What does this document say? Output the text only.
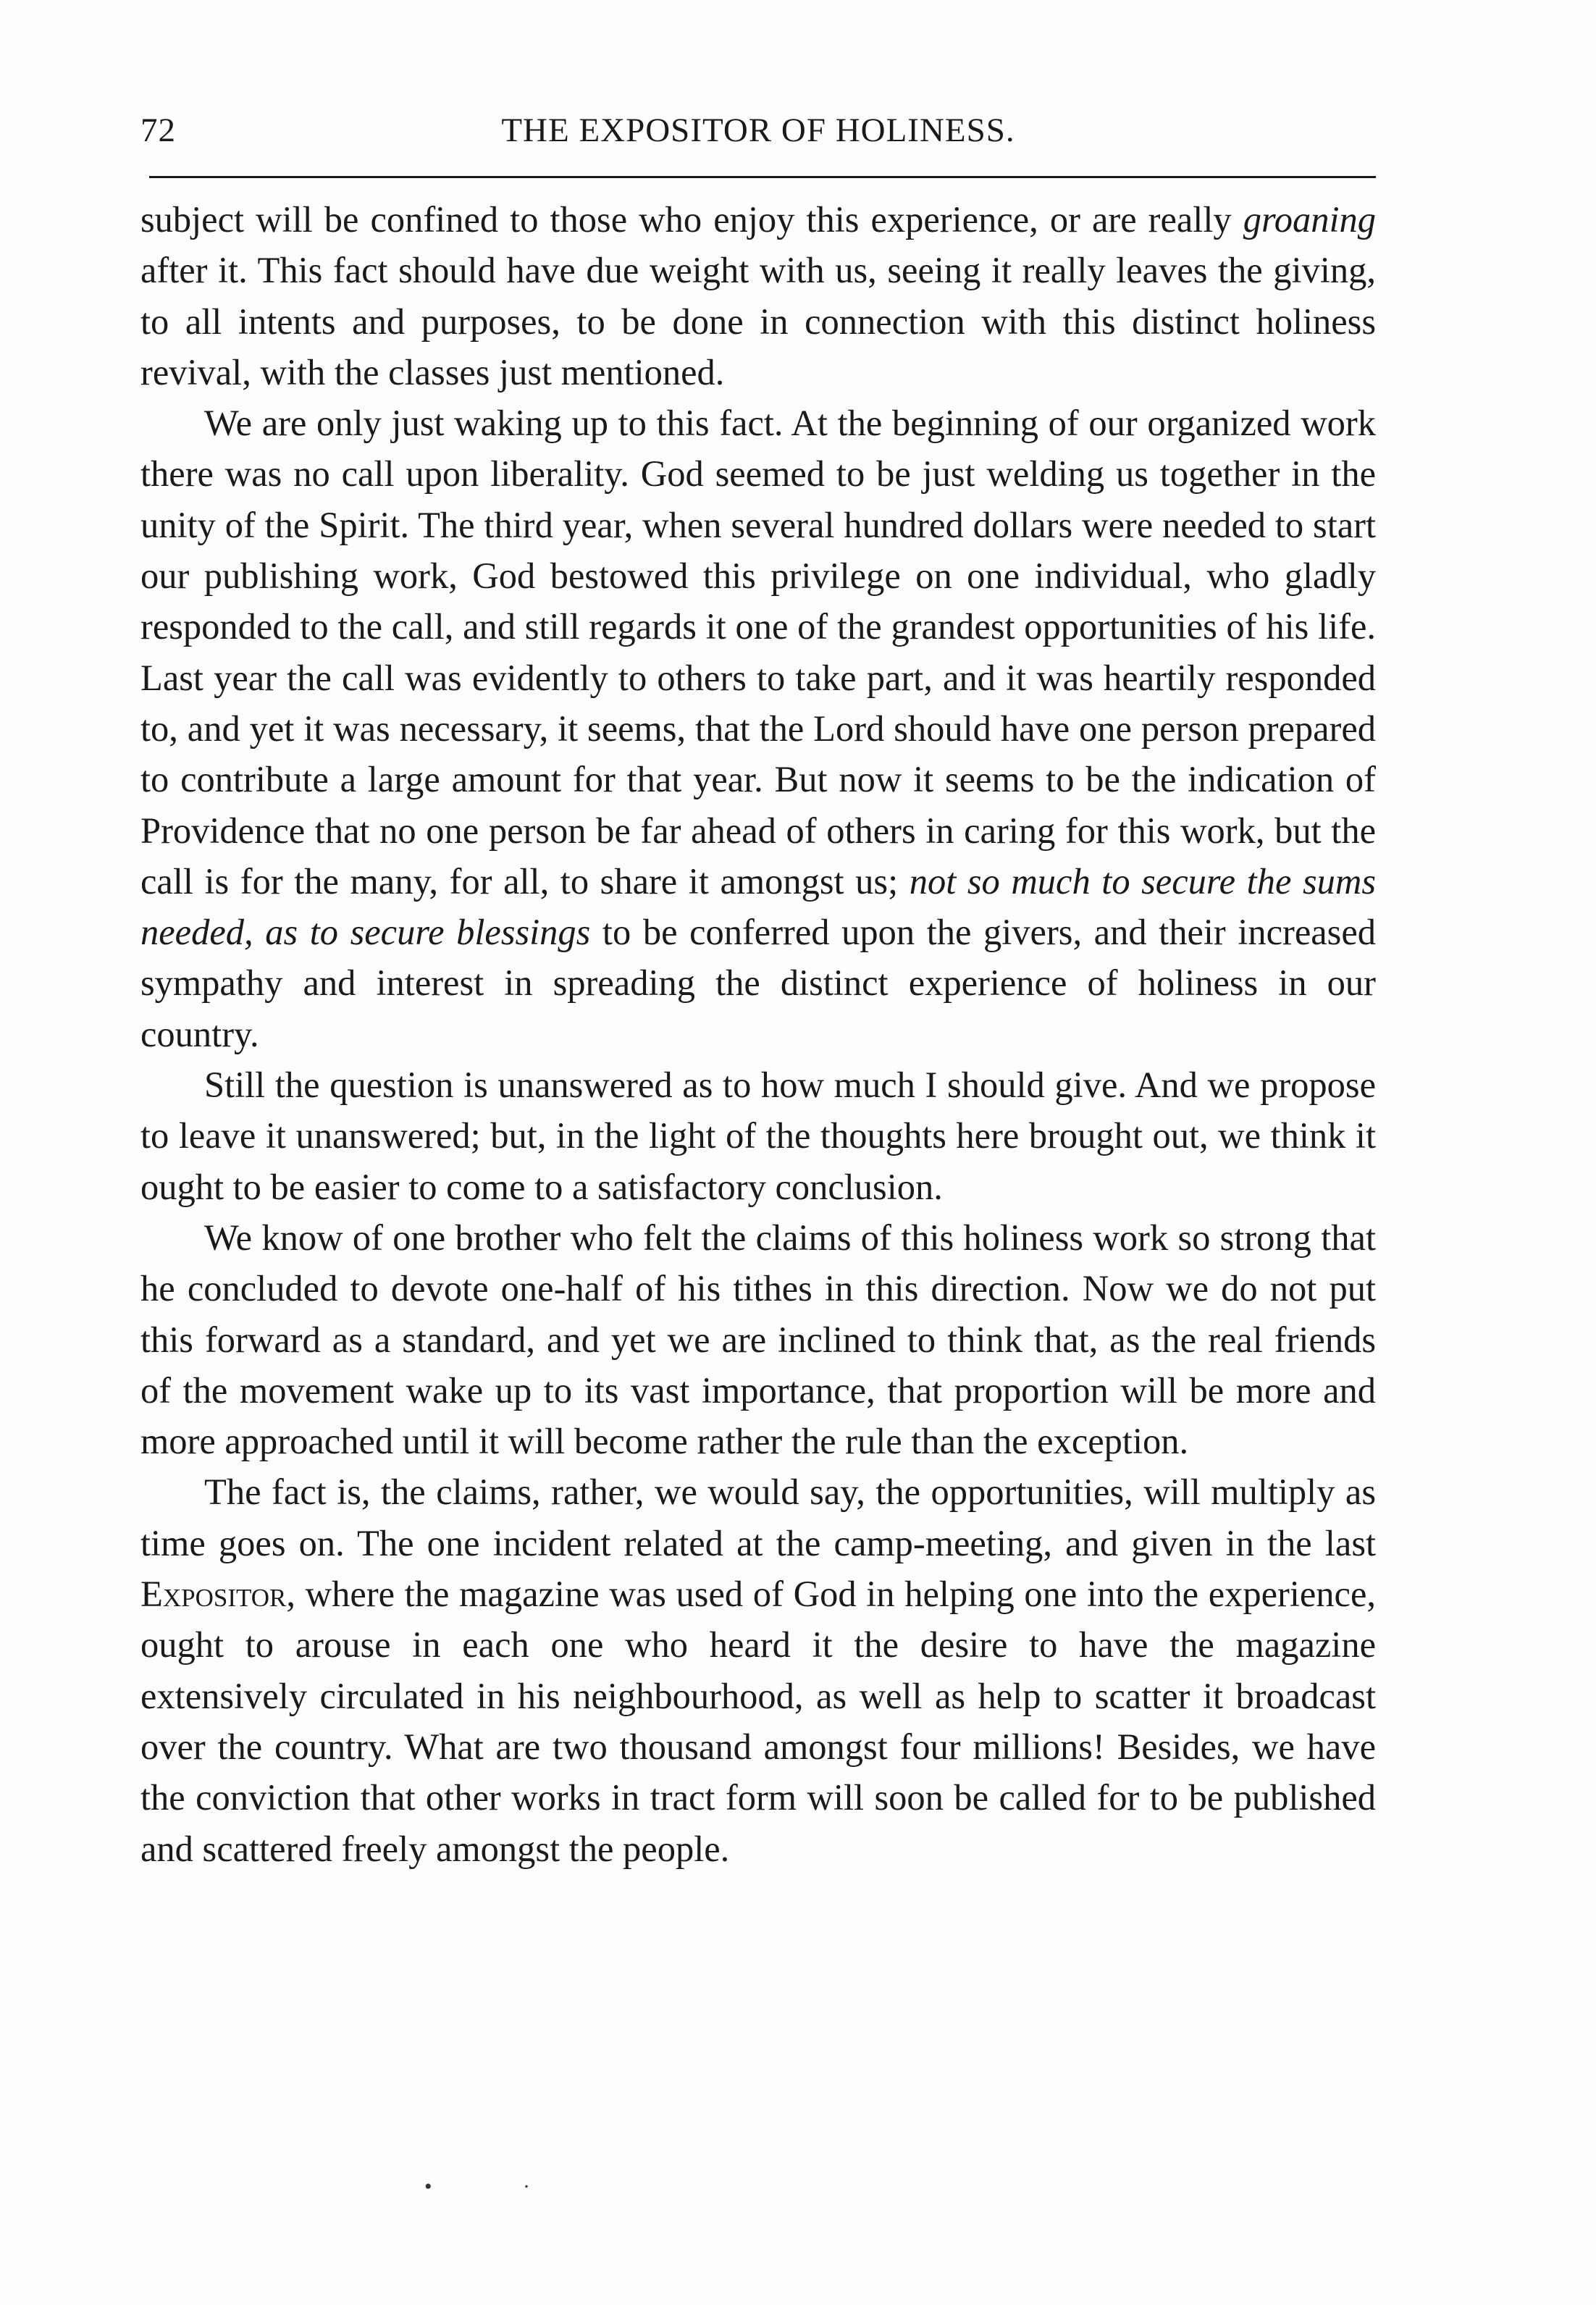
72	THE EXPOSITOR OF HOLINESS.

subject will be confined to those who enjoy this experience, or are really groaning after it. This fact should have due weight with us, seeing it really leaves the giving, to all intents and purposes, to be done in connection with this distinct holiness revival, with the classes just mentioned.

We are only just waking up to this fact. At the beginning of our organized work there was no call upon liberality. God seemed to be just welding us together in the unity of the Spirit. The third year, when several hundred dollars were needed to start our publishing work, God bestowed this privilege on one individual, who gladly responded to the call, and still regards it one of the grandest opportunities of his life. Last year the call was evidently to others to take part, and it was heartily responded to, and yet it was necessary, it seems, that the Lord should have one person prepared to contribute a large amount for that year. But now it seems to be the indication of Providence that no one person be far ahead of others in caring for this work, but the call is for the many, for all, to share it amongst us; not so much to secure the sums needed, as to secure blessings to be conferred upon the givers, and their increased sympathy and interest in spreading the distinct experience of holiness in our country.

Still the question is unanswered as to how much I should give. And we propose to leave it unanswered; but, in the light of the thoughts here brought out, we think it ought to be easier to come to a satisfactory conclusion.

We know of one brother who felt the claims of this holiness work so strong that he concluded to devote one-half of his tithes in this direction. Now we do not put this forward as a standard, and yet we are inclined to think that, as the real friends of the movement wake up to its vast importance, that proportion will be more and more approached until it will become rather the rule than the exception.

The fact is, the claims, rather, we would say, the opportunities, will multiply as time goes on. The one incident related at the camp-meeting, and given in the last Expositor, where the magazine was used of God in helping one into the experience, ought to arouse in each one who heard it the desire to have the magazine extensively circulated in his neighbourhood, as well as help to scatter it broadcast over the country. What are two thousand amongst four millions! Besides, we have the conviction that other works in tract form will soon be called for to be published and scattered freely amongst the people.

•	·
